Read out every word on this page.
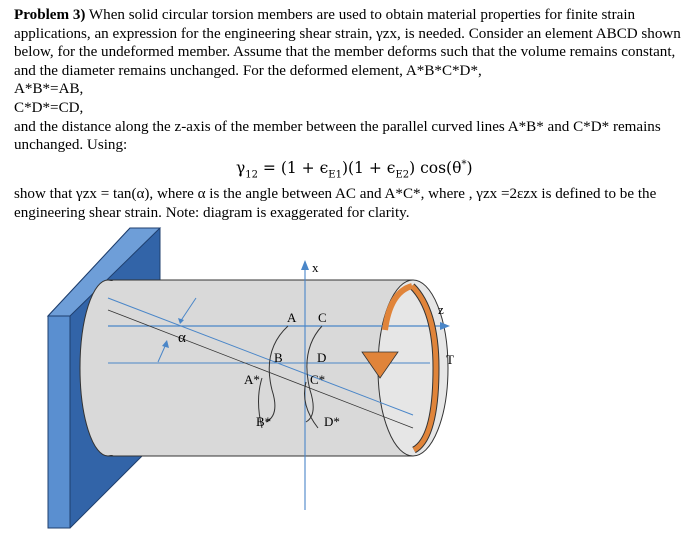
Problem 3) When solid circular torsion members are used to obtain material properties for finite strain applications, an expression for the engineering shear strain, γzx, is needed. Consider an element ABCD shown below, for the undeformed member. Assume that the member deforms such that the volume remains constant, and the diameter remains unchanged. For the deformed element, A*B*C*D*,

A*B*=AB,

C*D*=CD,

and the distance along the z-axis of the member between the parallel curved lines A*B* and C*D* remains unchanged. Using:

$\gamma_{12} = (1 + \epsilon_{E1})(1 + \epsilon_{E2})$ cos(θ*)

show that γzx = tan(α), where α is the angle between AC and A*C*, where , γzx =2εzx is defined to be the engineering shear strain. Note: diagram is exaggerated for clarity.

x
z
T
α
A C
B	D
A*	C*
B*	D*
